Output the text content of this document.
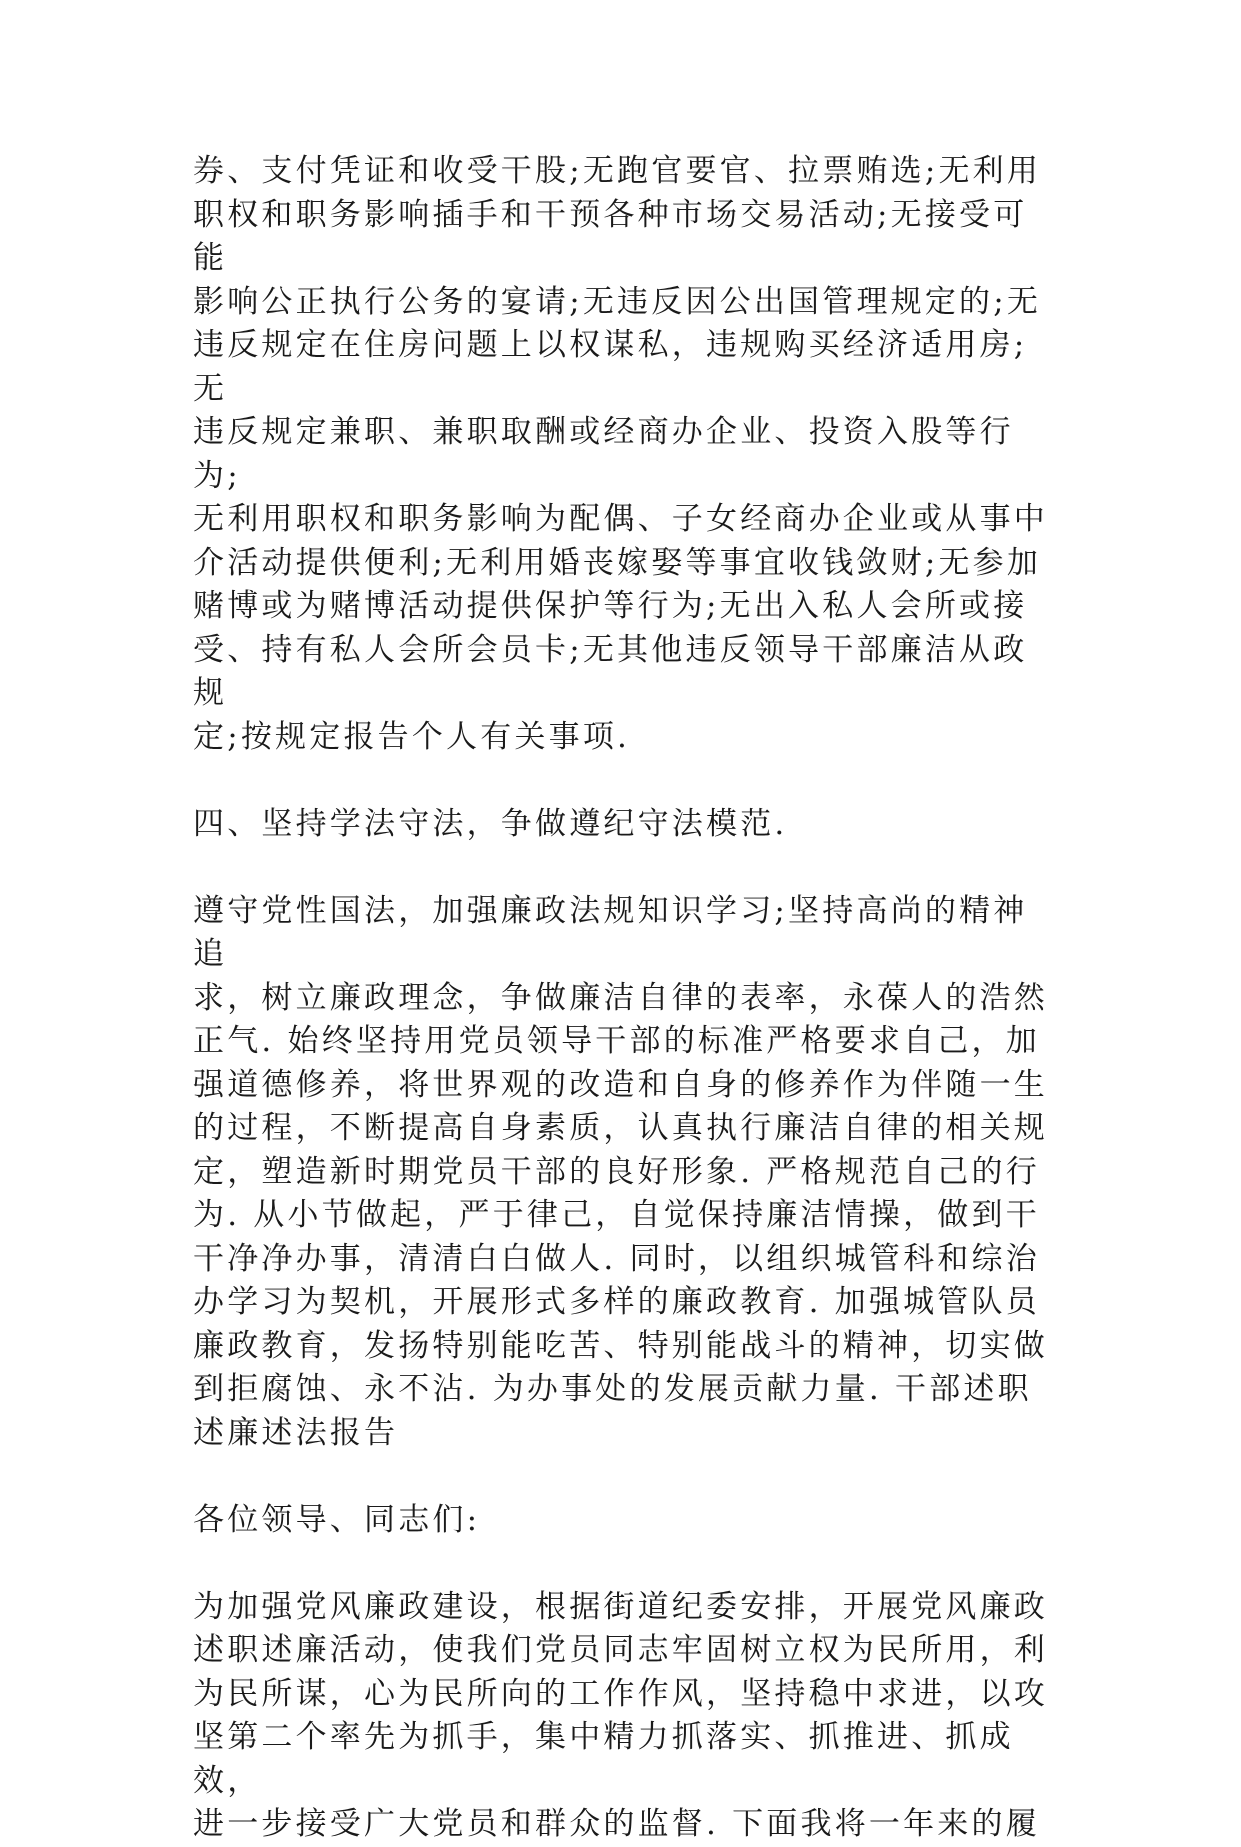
券、支付凭证和收受干股;无跑官要官、拉票贿选;无利用
职权和职务影响插手和干预各种市场交易活动;无接受可能
影响公正执行公务的宴请;无违反因公出国管理规定的;无
违反规定在住房问题上以权谋私，违规购买经济适用房;无
违反规定兼职、兼职取酬或经商办企业、投资入股等行为;
无利用职权和职务影响为配偶、子女经商办企业或从事中
介活动提供便利;无利用婚丧嫁娶等事宜收钱敛财;无参加
赌博或为赌博活动提供保护等行为;无出入私人会所或接
受、持有私人会所会员卡;无其他违反领导干部廉洁从政规
定;按规定报告个人有关事项.

四、坚持学法守法，争做遵纪守法模范.

遵守党性国法，加强廉政法规知识学习;坚持高尚的精神追
求，树立廉政理念，争做廉洁自律的表率，永葆人的浩然
正气. 始终坚持用党员领导干部的标准严格要求自己，加
强道德修养，将世界观的改造和自身的修养作为伴随一生
的过程，不断提高自身素质，认真执行廉洁自律的相关规
定，塑造新时期党员干部的良好形象. 严格规范自己的行
为. 从小节做起，严于律己，自觉保持廉洁情操，做到干
干净净办事，清清白白做人. 同时，以组织城管科和综治
办学习为契机，开展形式多样的廉政教育. 加强城管队员
廉政教育，发扬特别能吃苦、特别能战斗的精神，切实做
到拒腐蚀、永不沾. 为办事处的发展贡献力量. 干部述职
述廉述法报告

各位领导、同志们:

为加强党风廉政建设，根据街道纪委安排，开展党风廉政
述职述廉活动，使我们党员同志牢固树立权为民所用，利
为民所谋，心为民所向的工作作风，坚持稳中求进，以攻
坚第二个率先为抓手，集中精力抓落实、抓推进、抓成效，
进一步接受广大党员和群众的监督. 下面我将一年来的履
